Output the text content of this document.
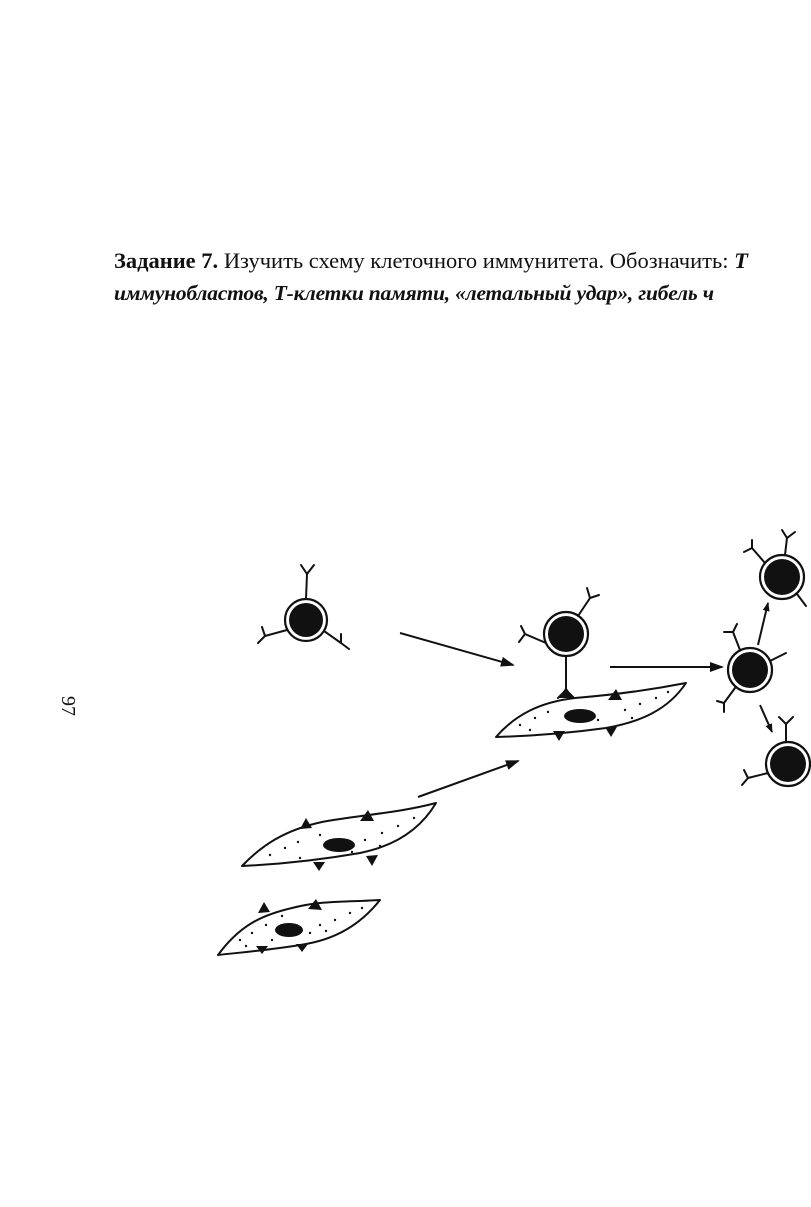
Задание 7. Изучить схему клеточного иммунитета. Обозначить: Т
иммунобластов, Т-клетки памяти, «летальный удар», гибель ч
97
